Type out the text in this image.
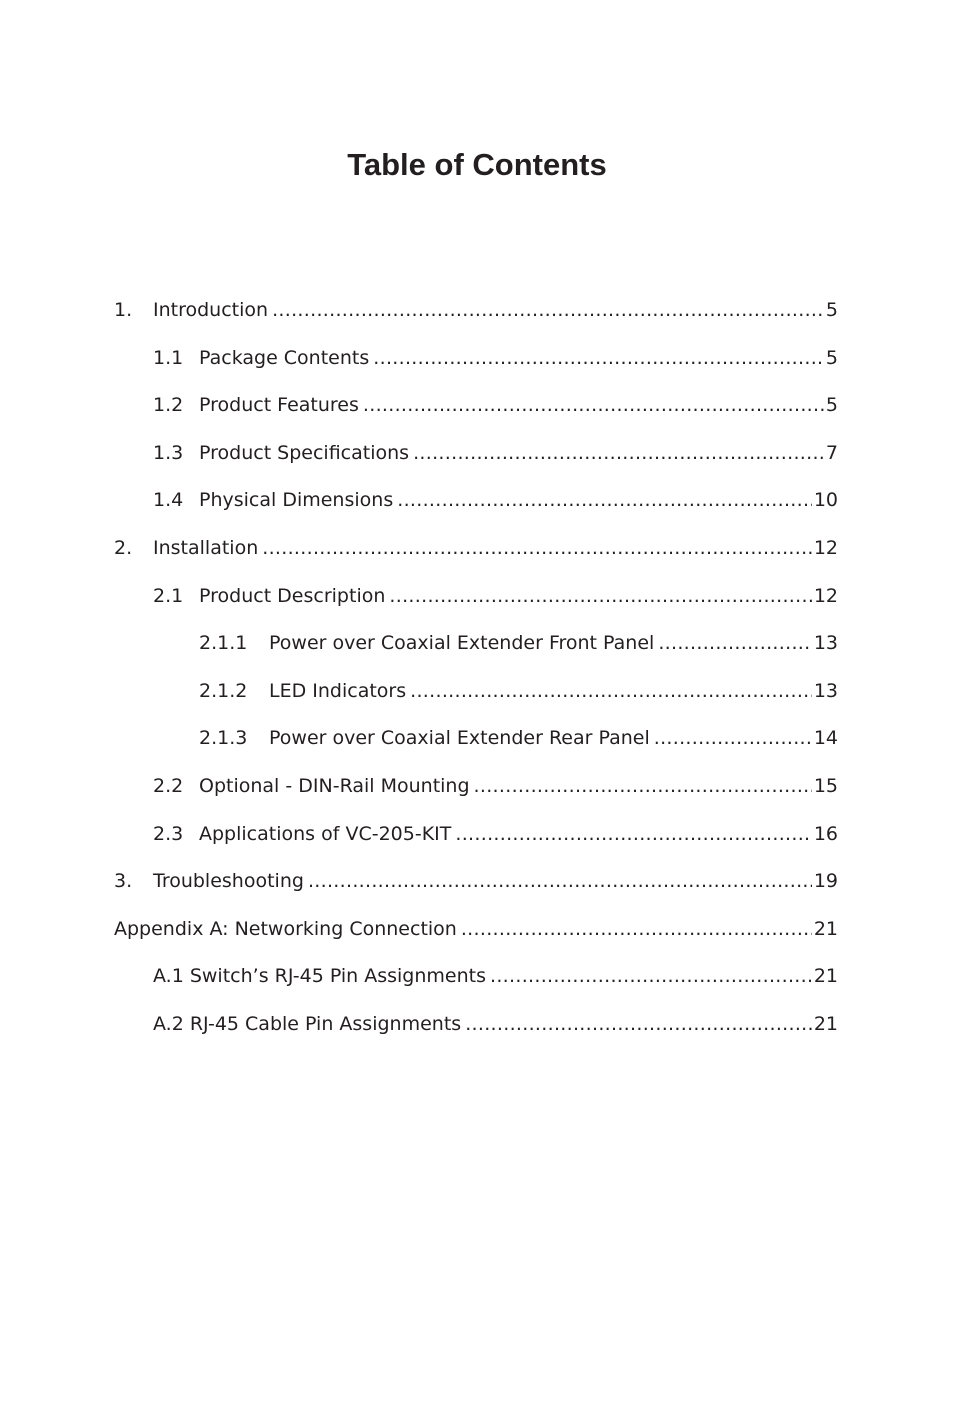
Table of Contents
1.	Introduction .....	5
1.1 Package Contents .....	5
1.2 Product Features .....	5
1.3 Product Specifications .....	7
1.4 Physical Dimensions .....	10
2.	Installation .....	12
2.1 Product Description .....	12
2.1.1	Power over Coaxial Extender Front Panel .....	13
2.1.2	LED Indicators .....	13
2.1.3	Power over Coaxial Extender Rear Panel .....	14
2.2 Optional - DIN-Rail Mounting .....	15
2.3 Applications of VC-205-KIT .....	16
3.	Troubleshooting .....	19
Appendix A: Networking Connection .....	21
A.1 Switch’s RJ-45 Pin Assignments .....	21
A.2 RJ-45 Cable Pin Assignments .....	21
